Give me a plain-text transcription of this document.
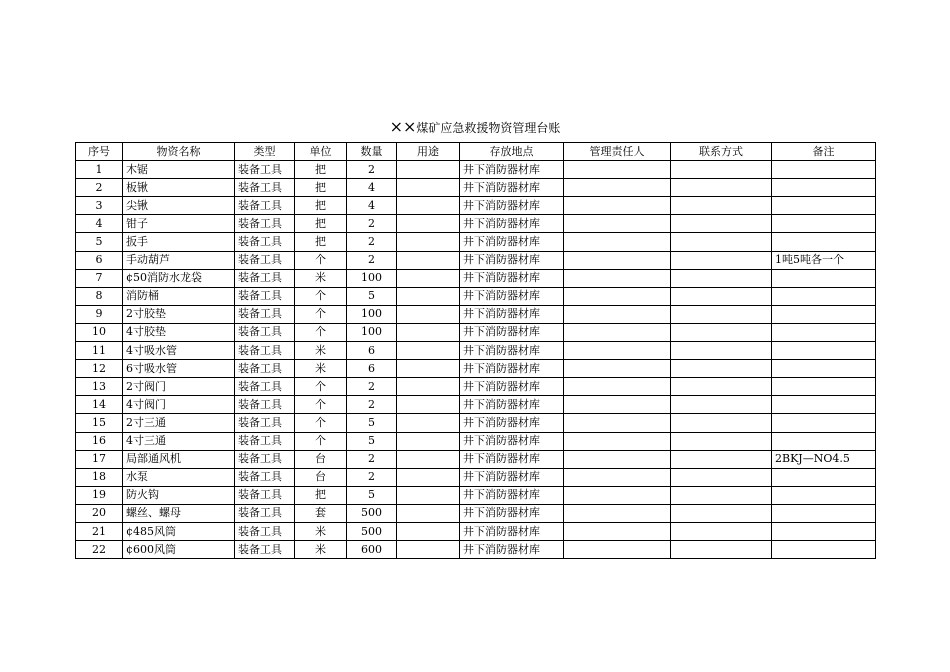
××煤矿应急救援物资管理台账
序号	物资名称	类型	单位	数量	用途	存放地点	管理责任人	联系方式	备注
1	木锯	装备工具	把	2		井下消防器材库			
2	板锹	装备工具	把	4		井下消防器材库			
3	尖锹	装备工具	把	4		井下消防器材库			
4	钳子	装备工具	把	2		井下消防器材库			
5	扳手	装备工具	把	2		井下消防器材库			
6	手动葫芦	装备工具	个	2		井下消防器材库			1吨5吨各一个
7	¢50消防水龙袋	装备工具	米	100		井下消防器材库			
8	消防桶	装备工具	个	5		井下消防器材库			
9	2寸胶垫	装备工具	个	100		井下消防器材库			
10	4寸胶垫	装备工具	个	100		井下消防器材库			
11	4寸吸水管	装备工具	米	6		井下消防器材库			
12	6寸吸水管	装备工具	米	6		井下消防器材库			
13	2寸阀门	装备工具	个	2		井下消防器材库			
14	4寸阀门	装备工具	个	2		井下消防器材库			
15	2寸三通	装备工具	个	5		井下消防器材库			
16	4寸三通	装备工具	个	5		井下消防器材库			
17	局部通风机	装备工具	台	2		井下消防器材库			2BKJ—NO4.5
18	水泵	装备工具	台	2		井下消防器材库			
19	防火钩	装备工具	把	5		井下消防器材库			
20	螺丝、螺母	装备工具	套	500		井下消防器材库			
21	¢485风筒	装备工具	米	500		井下消防器材库			
22	¢600风筒	装备工具	米	600		井下消防器材库			
